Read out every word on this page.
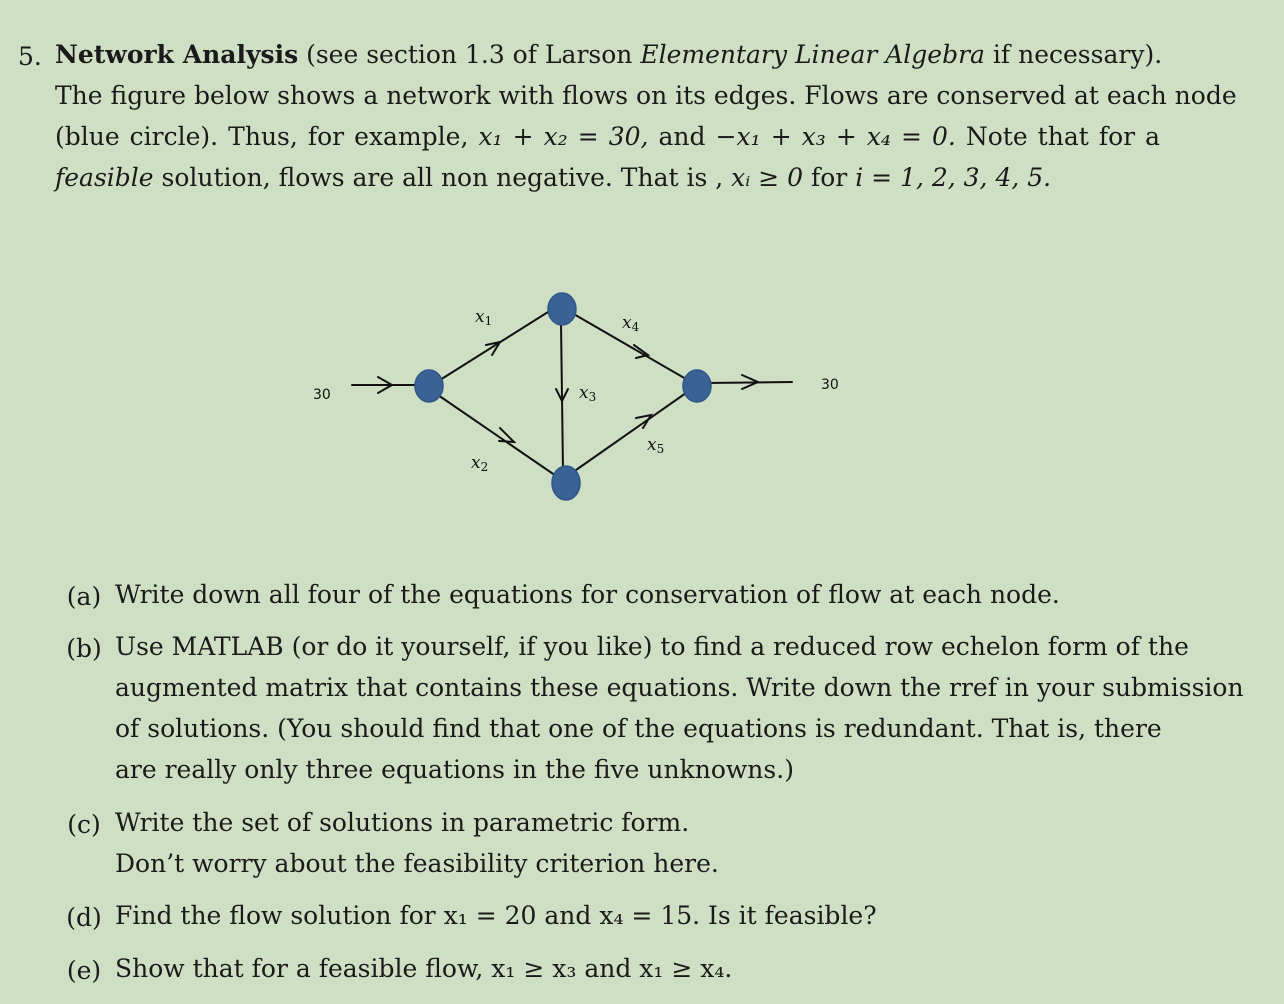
5. Network Analysis (see section 1.3 of Larson Elementary Linear Algebra if necessary).
The figure below shows a network with flows on its edges. Flows are conserved at each node
(blue circle). Thus, for example, x₁ + x₂ = 30, and −x₁ + x₃ + x₄ = 0. Note that for a
feasible solution, flows are all non negative. That is , xᵢ ≥ 0 for i = 1, 2, 3, 4, 5.
30
30
$x_1$
$x_2$
$x_3$
$x_4$
$x_5$
(a) Write down all four of the equations for conservation of flow at each node.
(b) Use MATLAB (or do it yourself, if you like) to find a reduced row echelon form of the
augmented matrix that contains these equations. Write down the rref in your submission
of solutions. (You should find that one of the equations is redundant. That is, there
are really only three equations in the five unknowns.)
(c) Write the set of solutions in parametric form.
Don’t worry about the feasibility criterion here.
(d) Find the flow solution for x₁ = 20 and x₄ = 15. Is it feasible?
(e) Show that for a feasible flow, x₁ ≥ x₃ and x₁ ≥ x₄.
